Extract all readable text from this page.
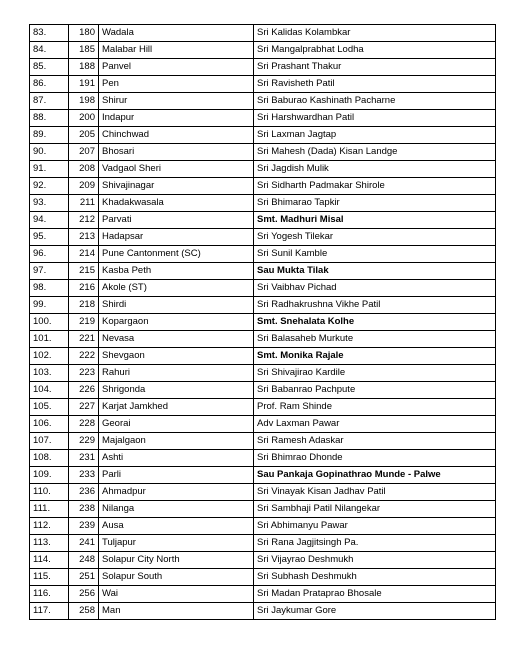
83.	180	Wadala	Sri Kalidas Kolambkar
84.	185	Malabar Hill	Sri Mangalprabhat Lodha
85.	188	Panvel	Sri Prashant Thakur
86.	191	Pen	Sri Ravisheth Patil
87.	198	Shirur	Sri Baburao Kashinath Pacharne
88.	200	Indapur	Sri Harshwardhan Patil
89.	205	Chinchwad	Sri Laxman Jagtap
90.	207	Bhosari	Sri Mahesh (Dada) Kisan Landge
91.	208	Vadgaol Sheri	Sri Jagdish Mulik
92.	209	Shivajinagar	Sri Sidharth Padmakar Shirole
93.	211	Khadakwasala	Sri Bhimarao Tapkir
94.	212	Parvati	Smt. Madhuri Misal
95.	213	Hadapsar	Sri Yogesh Tilekar
96.	214	Pune Cantonment (SC)	Sri Sunil Kamble
97.	215	Kasba Peth	Sau Mukta Tilak
98.	216	Akole (ST)	Sri Vaibhav Pichad
99.	218	Shirdi	Sri Radhakrushna Vikhe Patil
100.	219	Kopargaon	Smt. Snehalata Kolhe
101.	221	Nevasa	Sri Balasaheb Murkute
102.	222	Shevgaon	Smt. Monika Rajale
103.	223	Rahuri	Sri Shivajirao Kardile
104.	226	Shrigonda	Sri Babanrao Pachpute
105.	227	Karjat Jamkhed	Prof. Ram Shinde
106.	228	Georai	Adv Laxman Pawar
107.	229	Majalgaon	Sri Ramesh Adaskar
108.	231	Ashti	Sri Bhimrao Dhonde
109.	233	Parli	Sau Pankaja Gopinathrao Munde - Palwe
110.	236	Ahmadpur	Sri Vinayak Kisan Jadhav Patil
111.	238	Nilanga	Sri Sambhaji Patil Nilangekar
112.	239	Ausa	Sri Abhimanyu Pawar
113.	241	Tuljapur	Sri Rana Jagjitsingh Pa.
114.	248	Solapur City North	Sri Vijayrao Deshmukh
115.	251	Solapur South	Sri Subhash Deshmukh
116.	256	Wai	Sri Madan Prataprao Bhosale
117.	258	Man	Sri Jaykumar Gore
